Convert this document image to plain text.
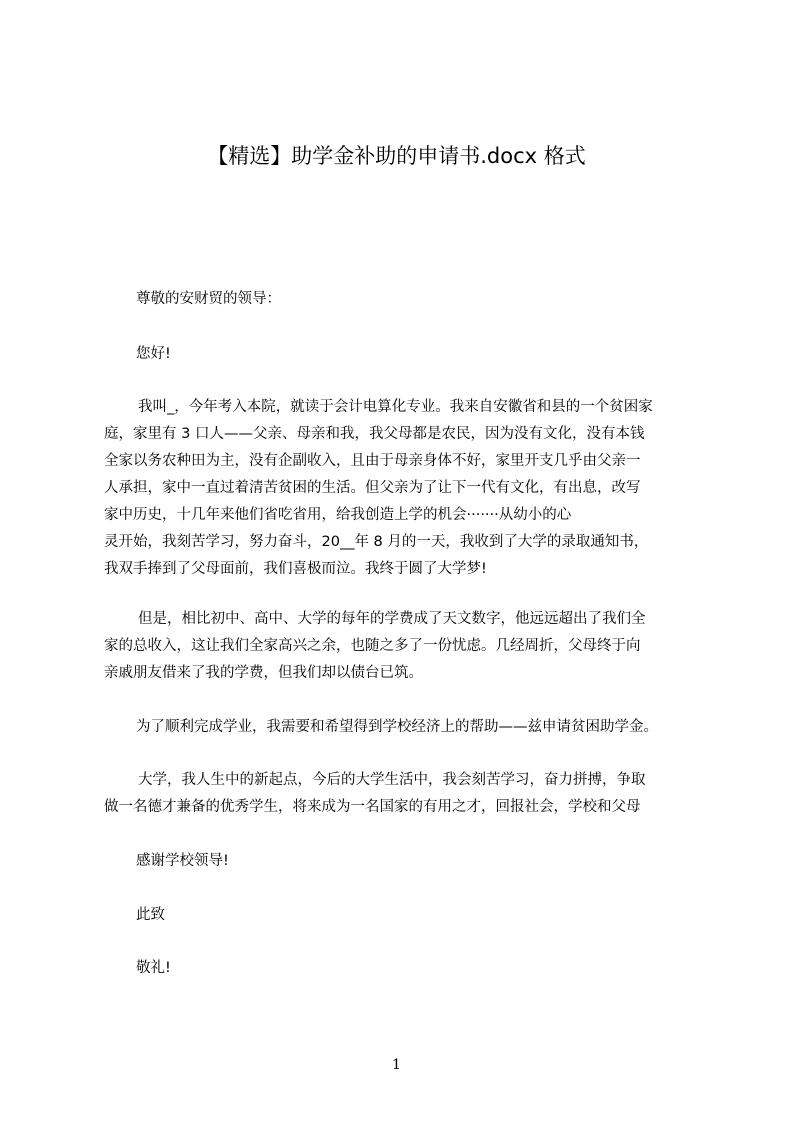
【精选】助学金补助的申请书.docx 格式
尊敬的安财贸的领导：
您好!
我叫_，今年考入本院，就读于会计电算化专业。我来自安徽省和县的一个贫困家
庭，家里有 3 口人——父亲、母亲和我，我父母都是农民，因为没有文化，没有本钱
全家以务农种田为主，没有企副收入，且由于母亲身体不好，家里开支几乎由父亲一
人承担，家中一直过着清苦贫困的生活。但父亲为了让下一代有文化，有出息，改写
家中历史，十几年来他们省吃省用，给我创造上学的机会·······从幼小的心
灵开始，我刻苦学习，努力奋斗，20__年 8 月的一天，我收到了大学的录取通知书，
我双手捧到了父母面前，我们喜极而泣。我终于圆了大学梦!
但是，相比初中、高中、大学的每年的学费成了天文数字，他远远超出了我们全
家的总收入，这让我们全家高兴之余，也随之多了一份忧虑。几经周折，父母终于向
亲戚朋友借来了我的学费，但我们却以债台已筑。
为了顺利完成学业，我需要和希望得到学校经济上的帮助——兹申请贫困助学金。
大学，我人生中的新起点，今后的大学生活中，我会刻苦学习，奋力拼搏，争取
做一名德才兼备的优秀学生，将来成为一名国家的有用之才，回报社会，学校和父母
感谢学校领导!
此致
敬礼!
1
